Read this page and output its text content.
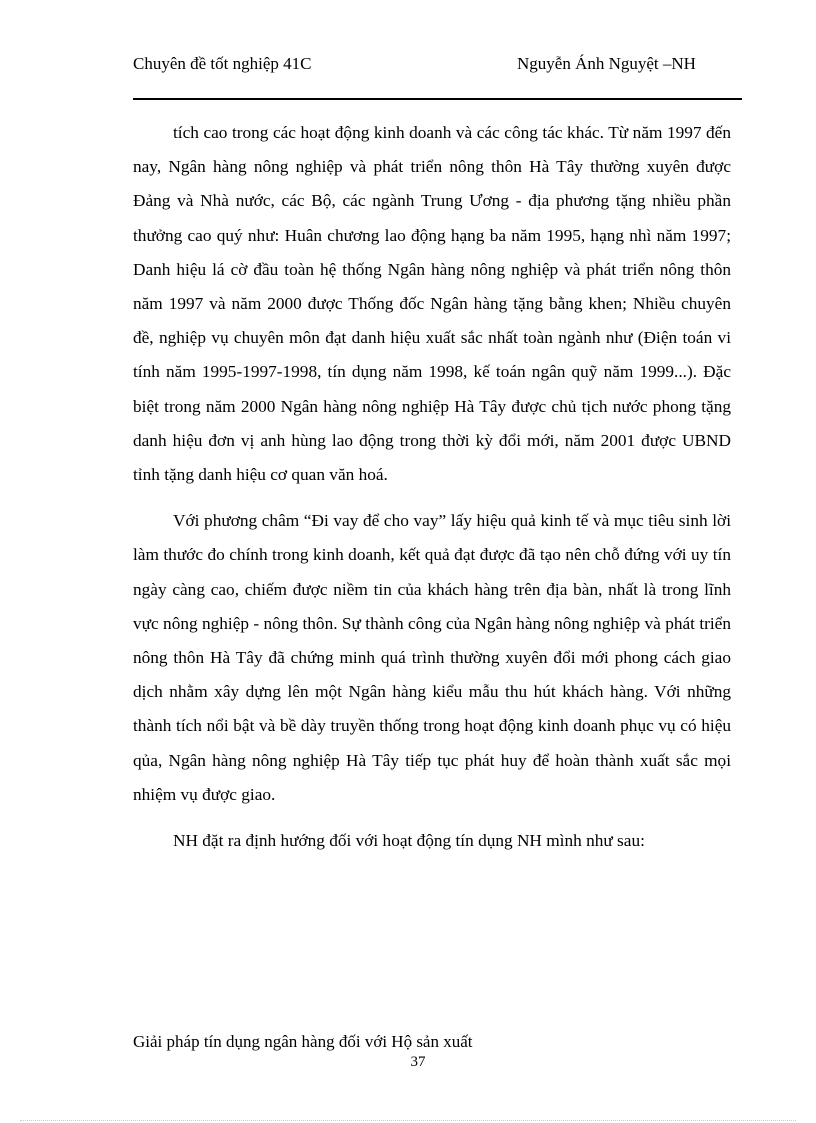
Chuyên đề tốt nghiệp 41C	Nguyễn Ánh Nguyệt –NH

tích cao trong các hoạt động kinh doanh và các công tác khác. Từ năm 1997 đến nay, Ngân hàng nông nghiệp và phát triển nông thôn Hà Tây thường xuyên được Đảng và Nhà nước, các Bộ, các ngành Trung Ương - địa phương tặng nhiều phần thưởng cao quý như: Huân chương lao động hạng ba năm 1995, hạng nhì năm 1997; Danh hiệu lá cờ đầu toàn hệ thống Ngân hàng nông nghiệp và phát triển nông thôn năm 1997 và năm 2000 được Thống đốc Ngân hàng tặng bằng khen; Nhiều chuyên đề, nghiệp vụ chuyên môn đạt danh hiệu xuất sắc nhất toàn ngành như (Điện toán vi tính năm 1995-1997-1998, tín dụng năm 1998, kế toán ngân quỹ năm 1999...). Đặc biệt trong năm 2000 Ngân hàng nông nghiệp Hà Tây được chủ tịch nước phong tặng danh hiệu đơn vị anh hùng lao động trong thời kỳ đổi mới, năm 2001 được UBND tỉnh tặng danh hiệu cơ quan văn hoá.

Với phương châm “Đi vay để cho vay” lấy hiệu quả kinh tế và mục tiêu sinh lời làm thước đo chính trong kinh doanh, kết quả đạt được đã tạo nên chỗ đứng với uy tín ngày càng cao, chiếm được niềm tin của khách hàng trên địa bàn, nhất là trong lĩnh vực nông nghiệp - nông thôn. Sự thành công của Ngân hàng nông nghiệp và phát triển nông thôn Hà Tây đã chứng minh quá trình thường xuyên đổi mới phong cách giao dịch nhằm xây dựng lên một Ngân hàng kiểu mẫu thu hút khách hàng. Với những thành tích nổi bật và bề dày truyền thống trong hoạt động kinh doanh phục vụ có hiệu qủa, Ngân hàng nông nghiệp Hà Tây tiếp tục phát huy để hoàn thành xuất sắc mọi nhiệm vụ được giao.

NH đặt ra định hướng đối với hoạt động tín dụng NH mình như sau:

Giải pháp tín dụng ngân hàng đối với Hộ sản xuất
37
